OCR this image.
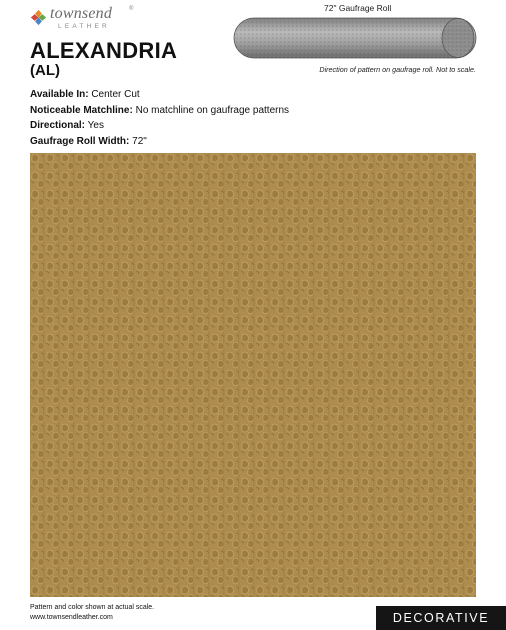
townsend	®
LEATHER
ALEXANDRIA
(AL)
72" Gaufrage Roll
Direction of pattern on gaufrage roll. Not to scale.
Available In: Center Cut
Noticeable Matchline: No matchline on gaufrage patterns
Directional: Yes
Gaufrage Roll Width: 72"
Pattern and color shown at actual scale.
www.townsendleather.com	DECORATIVE
